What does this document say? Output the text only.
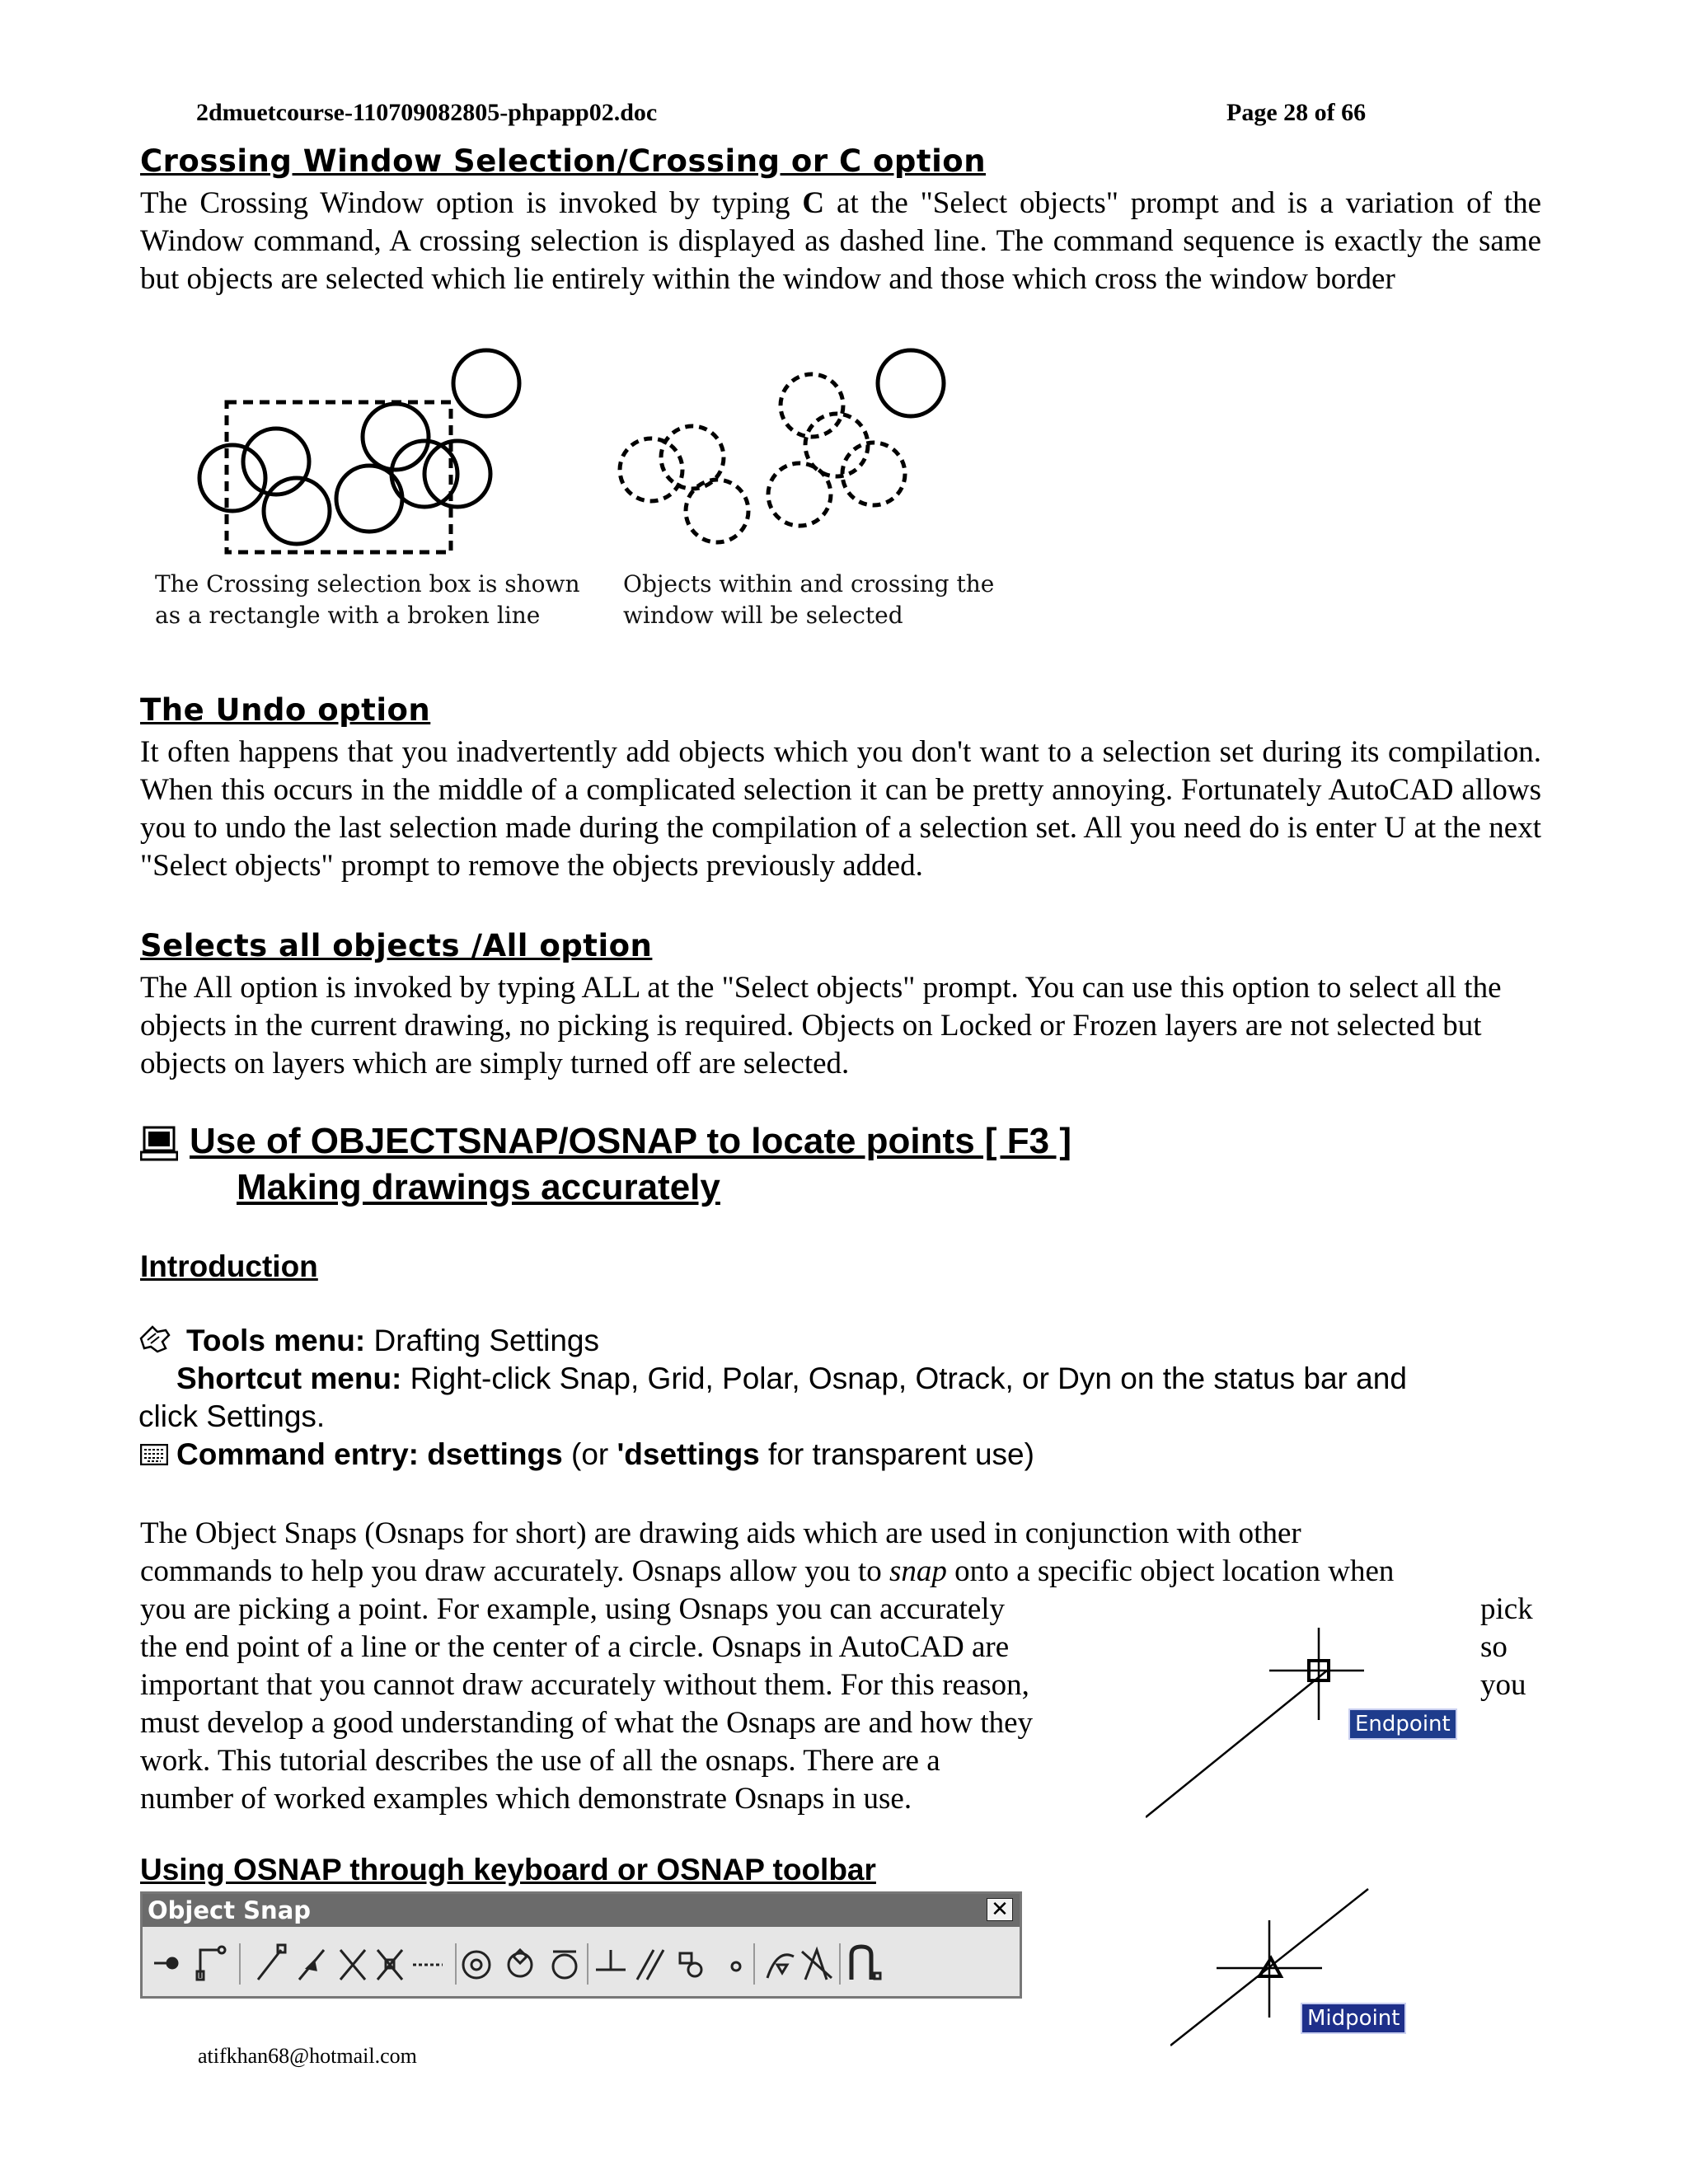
2dmuetcourse-110709082805-phpapp02.doc	Page 28 of 66
Crossing Window Selection/Crossing or C option

The Crossing Window option is invoked by typing C at the "Select objects" prompt and is a variation of the Window command, A crossing selection is displayed as dashed line. The command sequence is exactly the same but objects are selected which lie entirely within the window and those which cross the window border

The Crossing selection box is shown
as a rectangle with a broken line
Objects within and crossing the
window will be selected
The Undo option

It often happens that you inadvertently add objects which you don't want to a selection set during its compilation. When this occurs in the middle of a complicated selection it can be pretty annoying. Fortunately AutoCAD allows you to undo the last selection made during the compilation of a selection set. All you need do is enter U at the next "Select objects" prompt to remove the objects previously added.

Selects all objects /All option

The All option is invoked by typing ALL at the "Select objects" prompt. You can use this option to select all the objects in the current drawing, no picking is required. Objects on Locked or Frozen layers are not selected but objects on layers which are simply turned off are selected.

Use of OBJECTSNAP/OSNAP to locate points [ F3 ]
Making drawings accurately
Introduction
Tools menu: Drafting Settings
Shortcut menu: Right-click Snap, Grid, Polar, Osnap, Otrack, or Dyn on the status bar and
click Settings.
Command entry: dsettings (or 'dsettings for transparent use)
The Object Snaps (Osnaps for short) are drawing aids which are used in conjunction with other
commands to help you draw accurately. Osnaps allow you to snap onto a specific object location when
you are picking a point. For example, using Osnaps you can accurately
the end point of a line or the center of a circle. Osnaps in AutoCAD are
important that you cannot draw accurately without them. For this reason,
must develop a good understanding of what the Osnaps are and how they
work. This tutorial describes the use of all the osnaps. There are a
number of worked examples which demonstrate Osnaps in use.
pick
so
you
Endpoint
Using OSNAP through keyboard or OSNAP toolbar
Object Snap	✕
Midpoint
atifkhan68@hotmail.com
